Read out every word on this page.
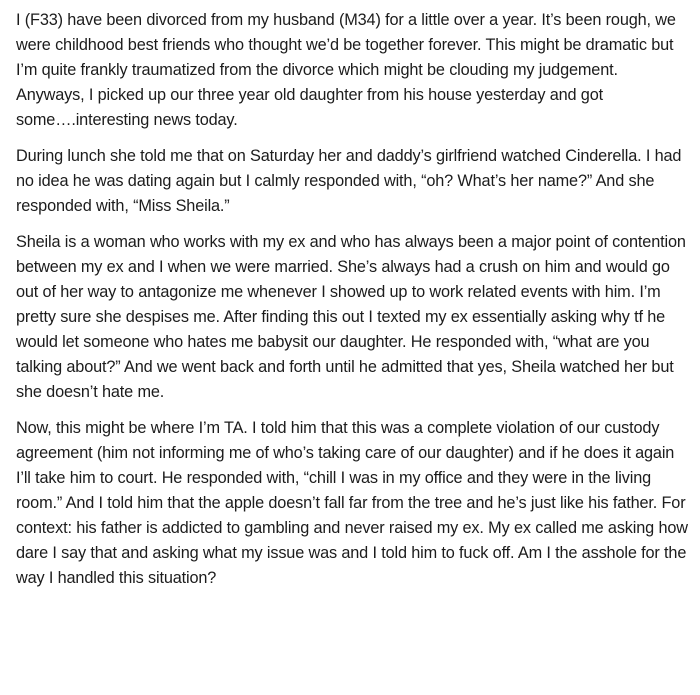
I (F33) have been divorced from my husband (M34) for a little over a year. It’s been rough, we were childhood best friends who thought we’d be together forever. This might be dramatic but I’m quite frankly traumatized from the divorce which might be clouding my judgement. Anyways, I picked up our three year old daughter from his house yesterday and got some….interesting news today.

During lunch she told me that on Saturday her and daddy’s girlfriend watched Cinderella. I had no idea he was dating again but I calmly responded with, “oh? What’s her name?” And she responded with, “Miss Sheila.”

Sheila is a woman who works with my ex and who has always been a major point of contention between my ex and I when we were married. She’s always had a crush on him and would go out of her way to antagonize me whenever I showed up to work related events with him. I’m pretty sure she despises me. After finding this out I texted my ex essentially asking why tf he would let someone who hates me babysit our daughter. He responded with, “what are you talking about?” And we went back and forth until he admitted that yes, Sheila watched her but she doesn’t hate me.

Now, this might be where I’m TA. I told him that this was a complete violation of our custody agreement (him not informing me of who’s taking care of our daughter) and if he does it again I’ll take him to court. He responded with, “chill I was in my office and they were in the living room.” And I told him that the apple doesn’t fall far from the tree and he’s just like his father. For context: his father is addicted to gambling and never raised my ex. My ex called me asking how dare I say that and asking what my issue was and I told him to fuck off. Am I the asshole for the way I handled this situation?
